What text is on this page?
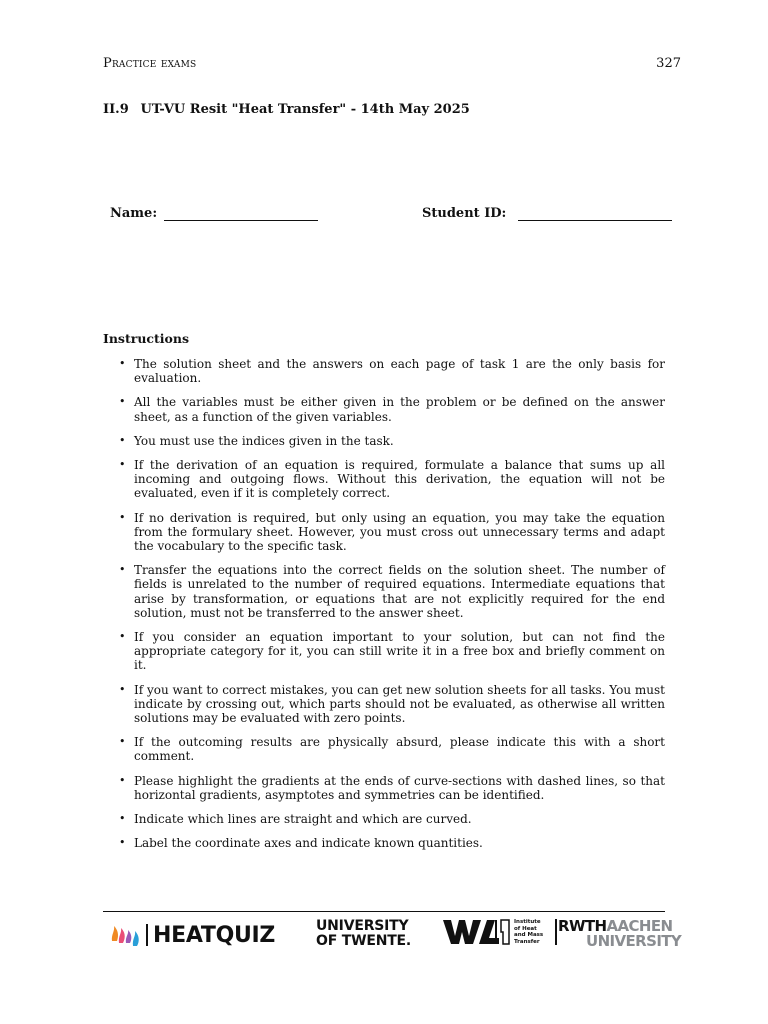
Practice exams	327
II.9 UT-VU Resit "Heat Transfer" - 14th May 2025
Name:	Student ID:
Instructions
• The solution sheet and the answers on each page of task 1 are the only basis for evaluation.
• All the variables must be either given in the problem or be defined on the answer sheet, as a function of the given variables.
• You must use the indices given in the task.
• If the derivation of an equation is required, formulate a balance that sums up all incoming and outgoing flows. Without this derivation, the equation will not be evaluated, even if it is completely correct.
• If no derivation is required, but only using an equation, you may take the equation from the formulary sheet. However, you must cross out unnecessary terms and adapt the vocabulary to the specific task.
• Transfer the equations into the correct fields on the solution sheet. The number of fields is unrelated to the number of required equations. Intermediate equations that arise by transformation, or equations that are not explicitly required for the end solution, must not be transferred to the answer sheet.
• If you consider an equation important to your solution, but can not find the appropriate category for it, you can still write it in a free box and briefly comment on it.
• If you want to correct mistakes, you can get new solution sheets for all tasks. You must indicate by crossing out, which parts should not be evaluated, as otherwise all written solutions may be evaluated with zero points.
• If the outcoming results are physically absurd, please indicate this with a short comment.
• Please highlight the gradients at the ends of curve-sections with dashed lines, so that horizontal gradients, asymptotes and symmetries can be identified.
• Indicate which lines are straight and which are curved.
• Label the coordinate axes and indicate known quantities.
HEATQUIZ	UNIVERSITY
OF TWENTE.
Institute
of Heat
and Mass
Transfer
RWTHAACHEN
UNIVERSITY
